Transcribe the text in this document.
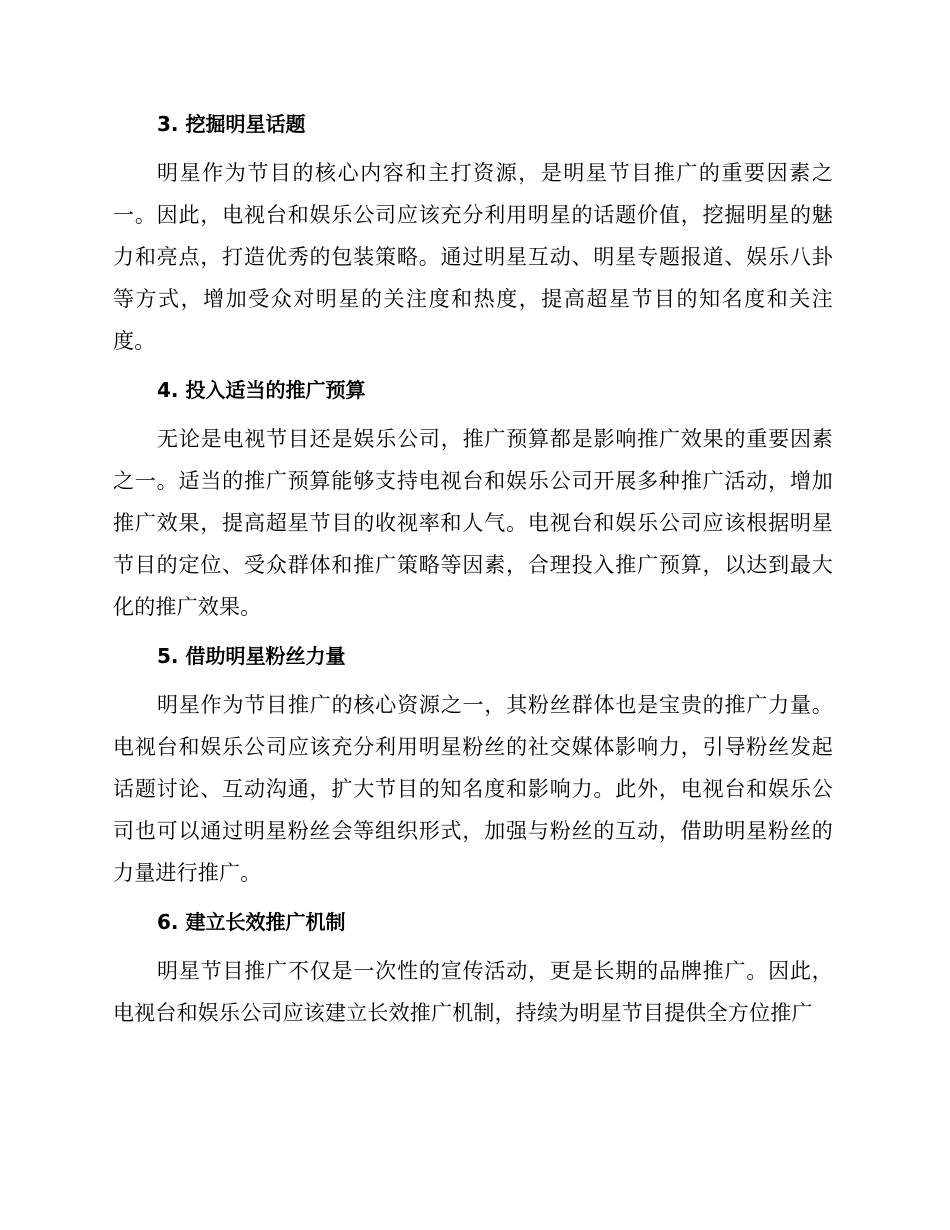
3. 挖掘明星话题
明星作为节目的核心内容和主打资源，是明星节目推广的重要因素之一。因此，电视台和娱乐公司应该充分利用明星的话题价值，挖掘明星的魅力和亮点，打造优秀的包装策略。通过明星互动、明星专题报道、娱乐八卦等方式，增加受众对明星的关注度和热度，提高超星节目的知名度和关注度。
4. 投入适当的推广预算
无论是电视节目还是娱乐公司，推广预算都是影响推广效果的重要因素之一。适当的推广预算能够支持电视台和娱乐公司开展多种推广活动，增加推广效果，提高超星节目的收视率和人气。电视台和娱乐公司应该根据明星节目的定位、受众群体和推广策略等因素，合理投入推广预算，以达到最大化的推广效果。
5. 借助明星粉丝力量
明星作为节目推广的核心资源之一，其粉丝群体也是宝贵的推广力量。电视台和娱乐公司应该充分利用明星粉丝的社交媒体影响力，引导粉丝发起话题讨论、互动沟通，扩大节目的知名度和影响力。此外，电视台和娱乐公司也可以通过明星粉丝会等组织形式，加强与粉丝的互动，借助明星粉丝的力量进行推广。
6. 建立长效推广机制
明星节目推广不仅是一次性的宣传活动，更是长期的品牌推广。因此，电视台和娱乐公司应该建立长效推广机制，持续为明星节目提供全方位推广
